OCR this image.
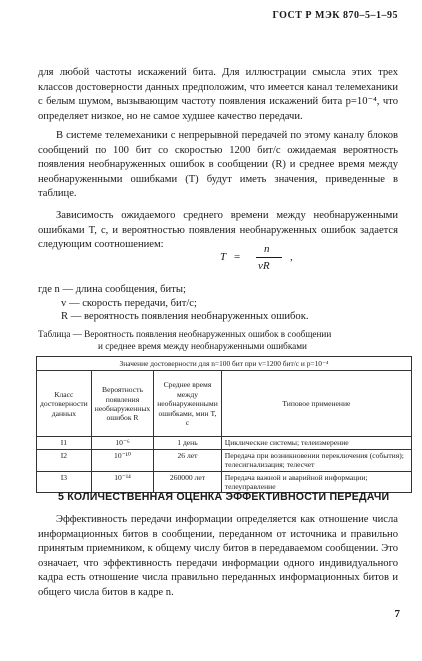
ГОСТ Р МЭК 870–5–1–95
для любой частоты искажений бита. Для иллюстрации смысла этих трех классов достоверности данных предположим, что имеется канал телемеханики с белым шумом, вызывающим частоту появления искажений бита p=10⁻⁴, что определяет низкое, но не самое худшее качество передачи.
В системе телемеханики с непрерывной передачей по этому каналу блоков сообщений по 100 бит со скоростью 1200 бит/с ожидаемая вероятность появления необнаруженных ошибок в сообщении (R) и среднее время между необнаруженными ошибками (T) будут иметь значения, приведенные в таблице.
Зависимость ожидаемого среднего времени между необнаруженными ошибками T, с, и вероятностью появления необнаруженных ошибок задается следующим соотношением:
T =
n
vR
,
где n — длина сообщения, биты;
v — скорость передачи, бит/с;
R — вероятность появления необнаруженных ошибок.
Таблица — Вероятность появления необнаруженных ошибок в сообщении
и среднее время между необнаруженными ошибками
Значение достоверности для n=100 бит при v=1200 бит/с и p=10⁻⁴			
Класс достоверности данных	Вероятность появления необнаруженных ошибок R	Среднее время между необнаруженными ошибками, мин T, с	Типовое применение
I1	10⁻⁶	1 день	Циклические системы; телеизмерение
I2	10⁻¹⁰	26 лет	Передача при возникновении переключения (события); телесигнализация; телесчет
I3	10⁻¹⁴	260000 лет	Передача важной и аварийной информации; телеуправление
5 КОЛИЧЕСТВЕННАЯ ОЦЕНКА ЭФФЕКТИВНОСТИ ПЕРЕДАЧИ
Эффективность передачи информации определяется как отношение числа информационных битов в сообщении, переданном от источника и правильно принятым приемником, к общему числу битов в передаваемом сообщении. Это означает, что эффективность передачи информации одного индивидуального кадра есть отношение числа правильно переданных информационных битов и общего числа битов в кадре n.
7
